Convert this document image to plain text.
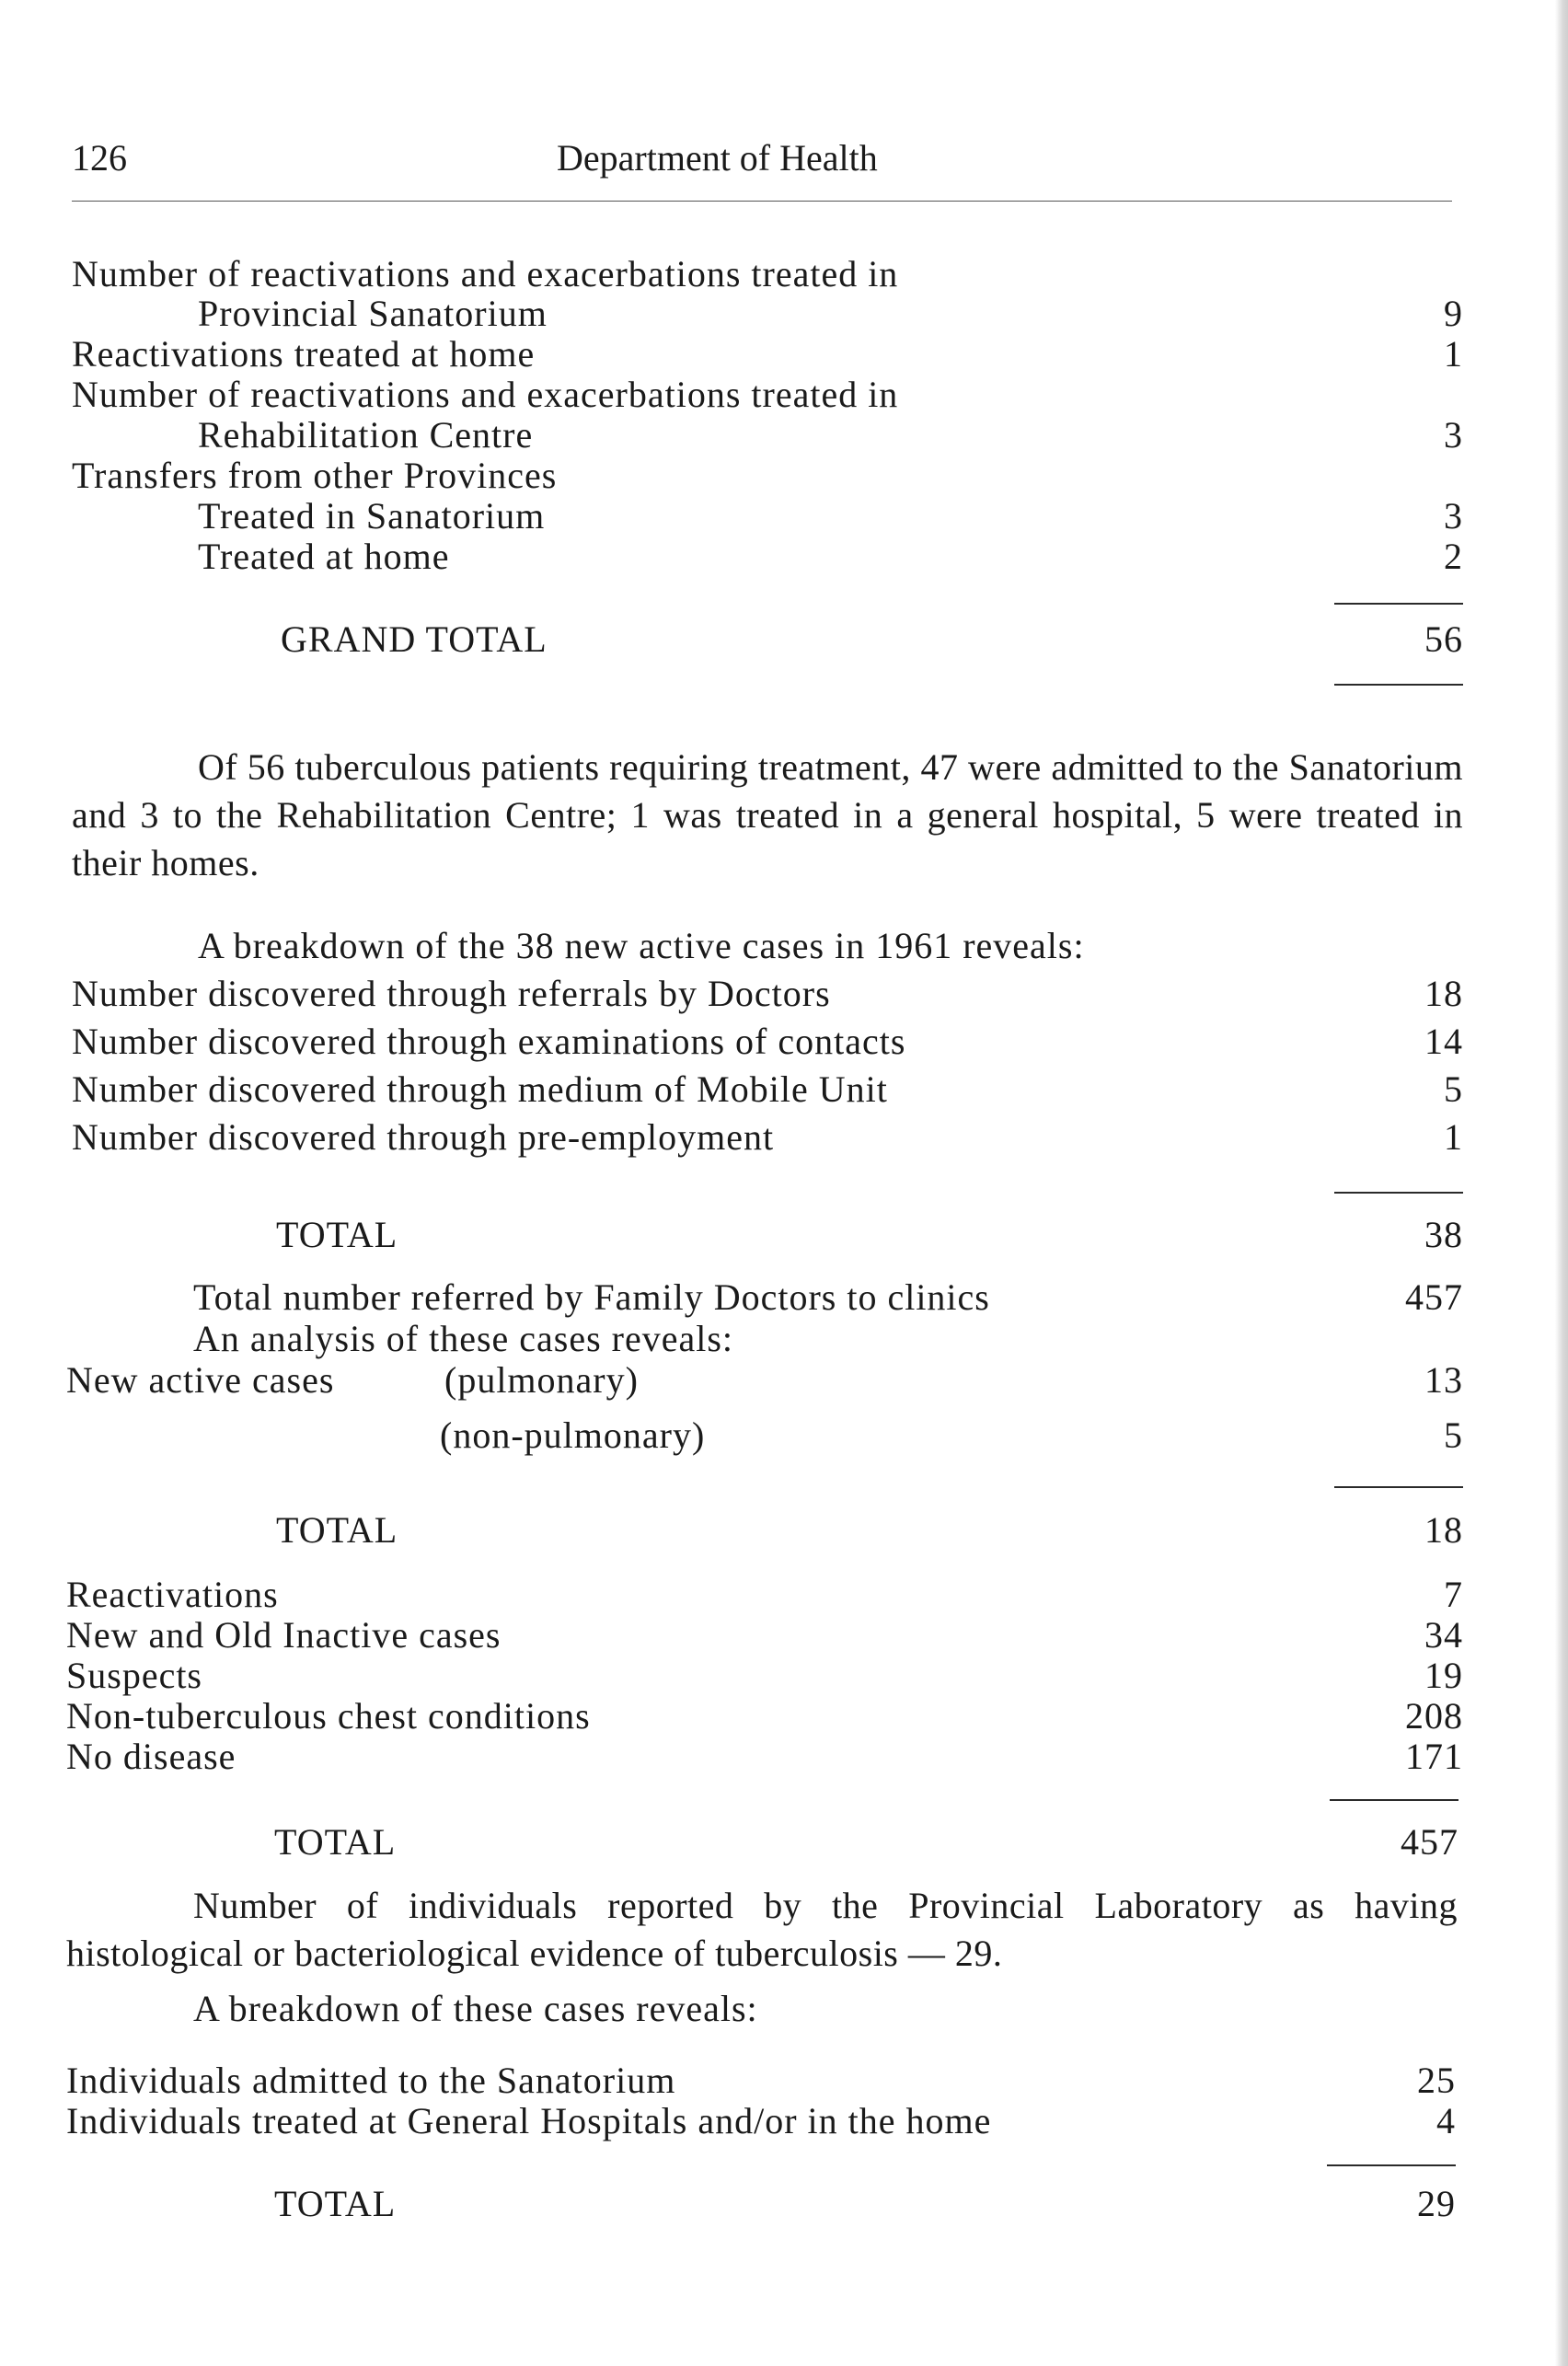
126	Department of Health
Number of reactivations and exacerbations treated in
Provincial Sanatorium	9
Reactivations treated at home	1
Number of reactivations and exacerbations treated in
Rehabilitation Centre	3
Transfers from other Provinces
Treated in Sanatorium	3
Treated at home	2
GRAND TOTAL	56
Of 56 tuberculous patients requiring treatment, 47 were admitted to the Sanatorium and 3 to the Rehabilitation Centre; 1 was treated in a general hospital, 5 were treated in their homes.
A breakdown of the 38 new active cases in 1961 reveals:
Number discovered through referrals by Doctors	18
Number discovered through examinations of contacts	14
Number discovered through medium of Mobile Unit	5
Number discovered through pre-employment	1
TOTAL	38
Total number referred by Family Doctors to clinics	457
An analysis of these cases reveals:
New active cases	(pulmonary)	13
(non-pulmonary)	5
TOTAL	18
Reactivations	7
New and Old Inactive cases	34
Suspects	19
Non-tuberculous chest conditions	208
No disease	171
TOTAL	457
Number of individuals reported by the Provincial Laboratory as having histological or bacteriological evidence of tuberculosis — 29.
A breakdown of these cases reveals:
Individuals admitted to the Sanatorium	25
Individuals treated at General Hospitals and/or in the home	4
TOTAL	29
